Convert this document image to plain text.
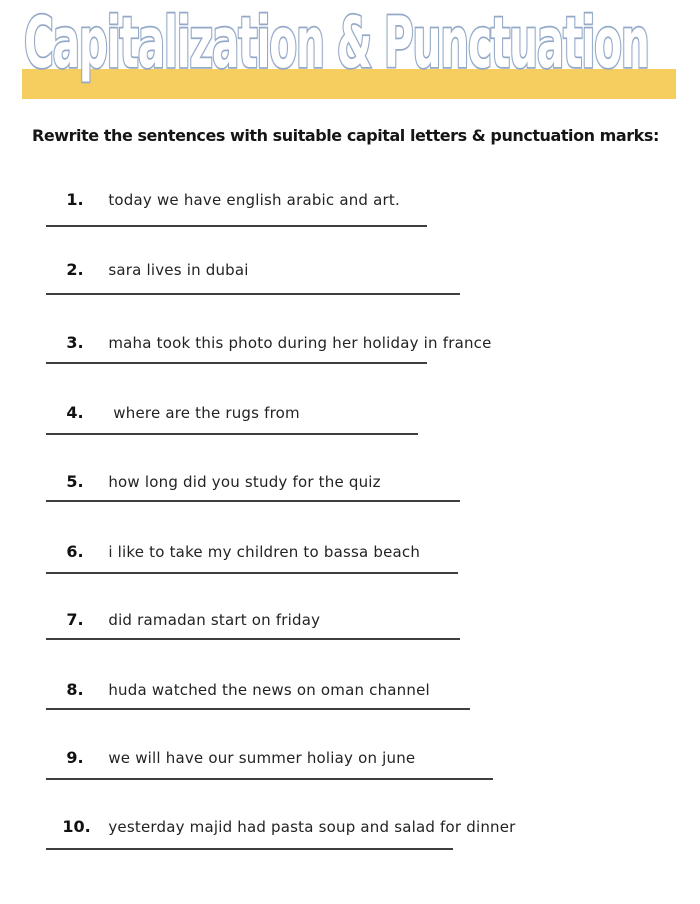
Capitalization & Punctuation
Rewrite the sentences with suitable capital letters & punctuation marks:

1. today we have english arabic and art.

2. sara lives in dubai

3. maha took this photo during her holiday in france

4. where are the rugs from

5. how long did you study for the quiz

6. i like to take my children to bassa beach

7. did ramadan start on friday

8. huda watched the news on oman channel

9. we will have our summer holiay on june

10. yesterday majid had pasta soup and salad for dinner
